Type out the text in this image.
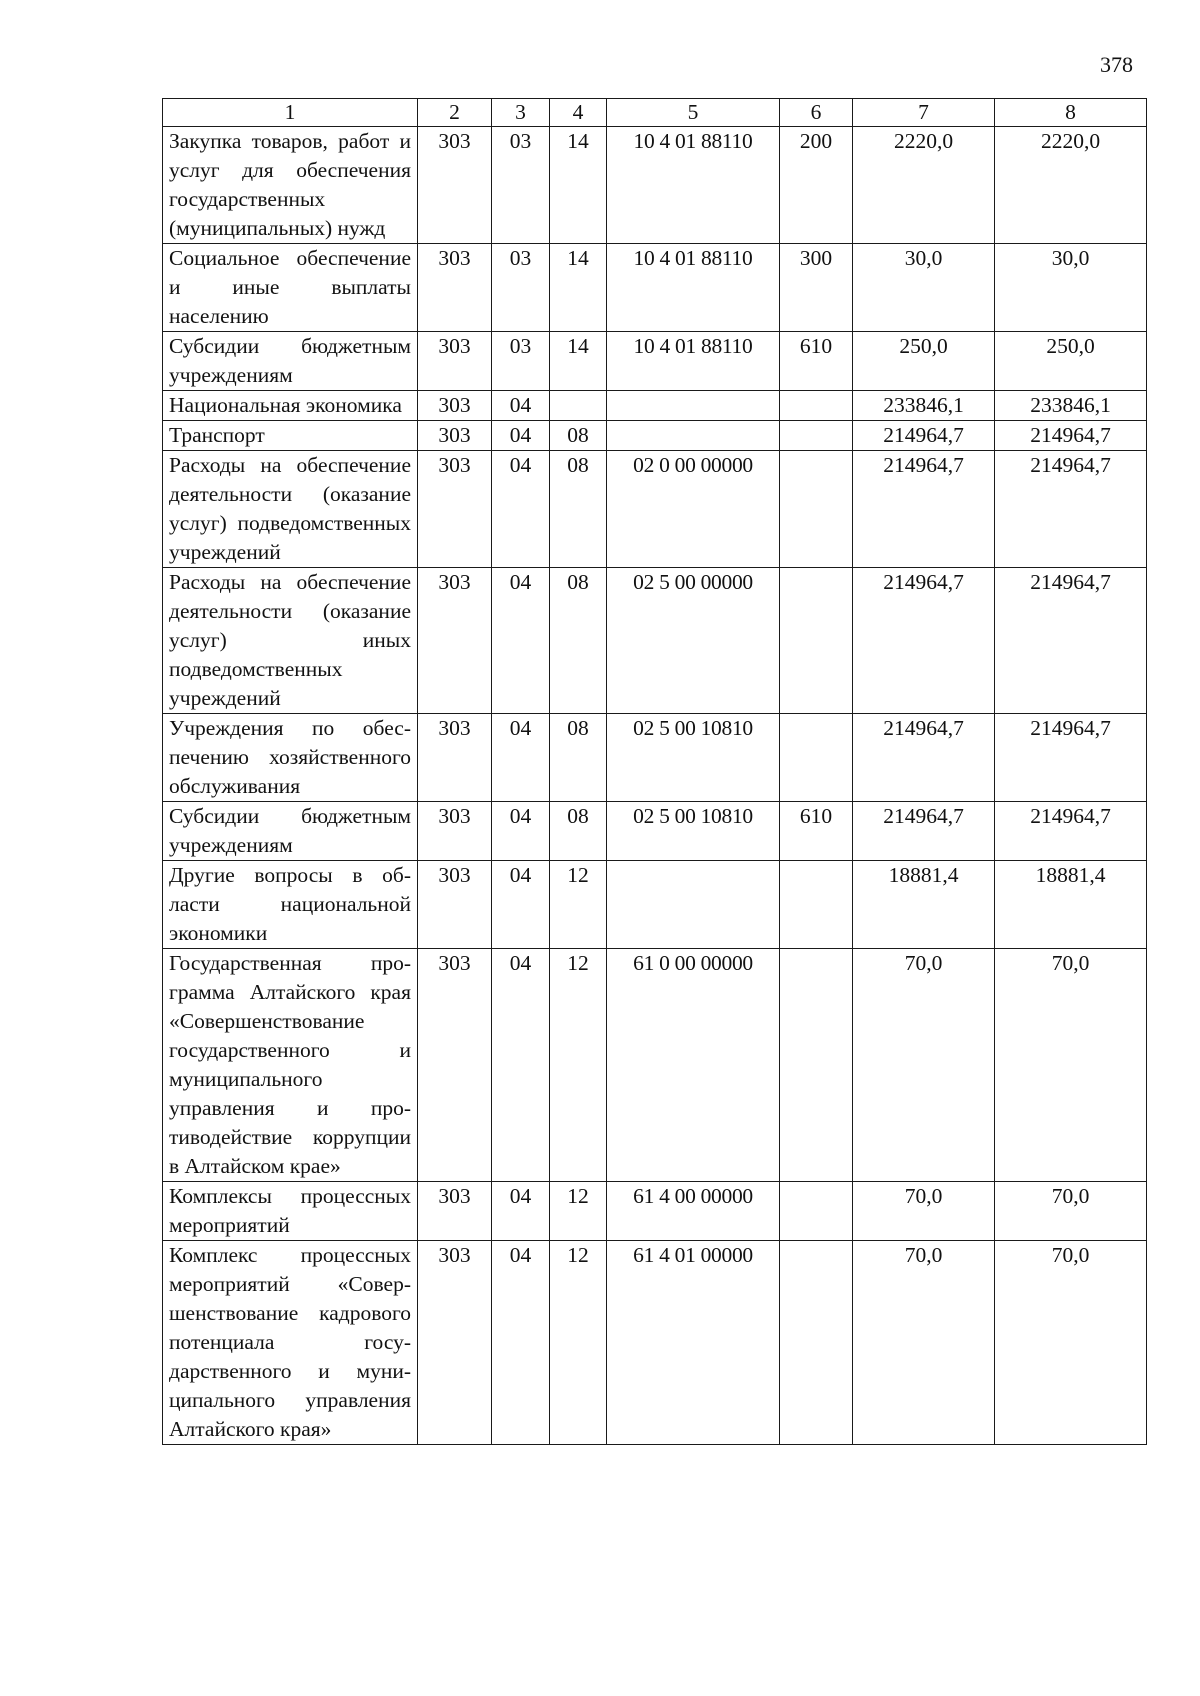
378
1	2	3	4	5	6	7	8
Закупка товаров, работ и услуг для обеспечения государственных (муниципальных) нужд	303	03	14	10 4 01 88110	200	2220,0	2220,0
Социальное обеспечение и иные выплаты населению	303	03	14	10 4 01 88110	300	30,0	30,0
Субсидии бюджетным учреждениям	303	03	14	10 4 01 88110	610	250,0	250,0
Национальная экономика	303	04				233846,1	233846,1
Транспорт	303	04	08			214964,7	214964,7
Расходы на обеспечение деятельности (оказание услуг) подведомственных учреждений	303	04	08	02 0 00 00000		214964,7	214964,7
Расходы на обеспечение деятельности (оказание услуг) иных подведомственных учреждений	303	04	08	02 5 00 00000		214964,7	214964,7
Учреждения по обеспечению хозяйственного обслуживания	303	04	08	02 5 00 10810		214964,7	214964,7
Субсидии бюджетным учреждениям	303	04	08	02 5 00 10810	610	214964,7	214964,7
Другие вопросы в области национальной экономики	303	04	12			18881,4	18881,4
Государственная программа Алтайского края «Совершенствование государственного и муниципального управления и противодействие коррупции в Алтайском крае»	303	04	12	61 0 00 00000		70,0	70,0
Комплексы процессных мероприятий	303	04	12	61 4 00 00000		70,0	70,0
Комплекс процессных мероприятий «Совершенствование кадрового потенциала государственного и муниципального управления Алтайского края»	303	04	12	61 4 01 00000		70,0	70,0
